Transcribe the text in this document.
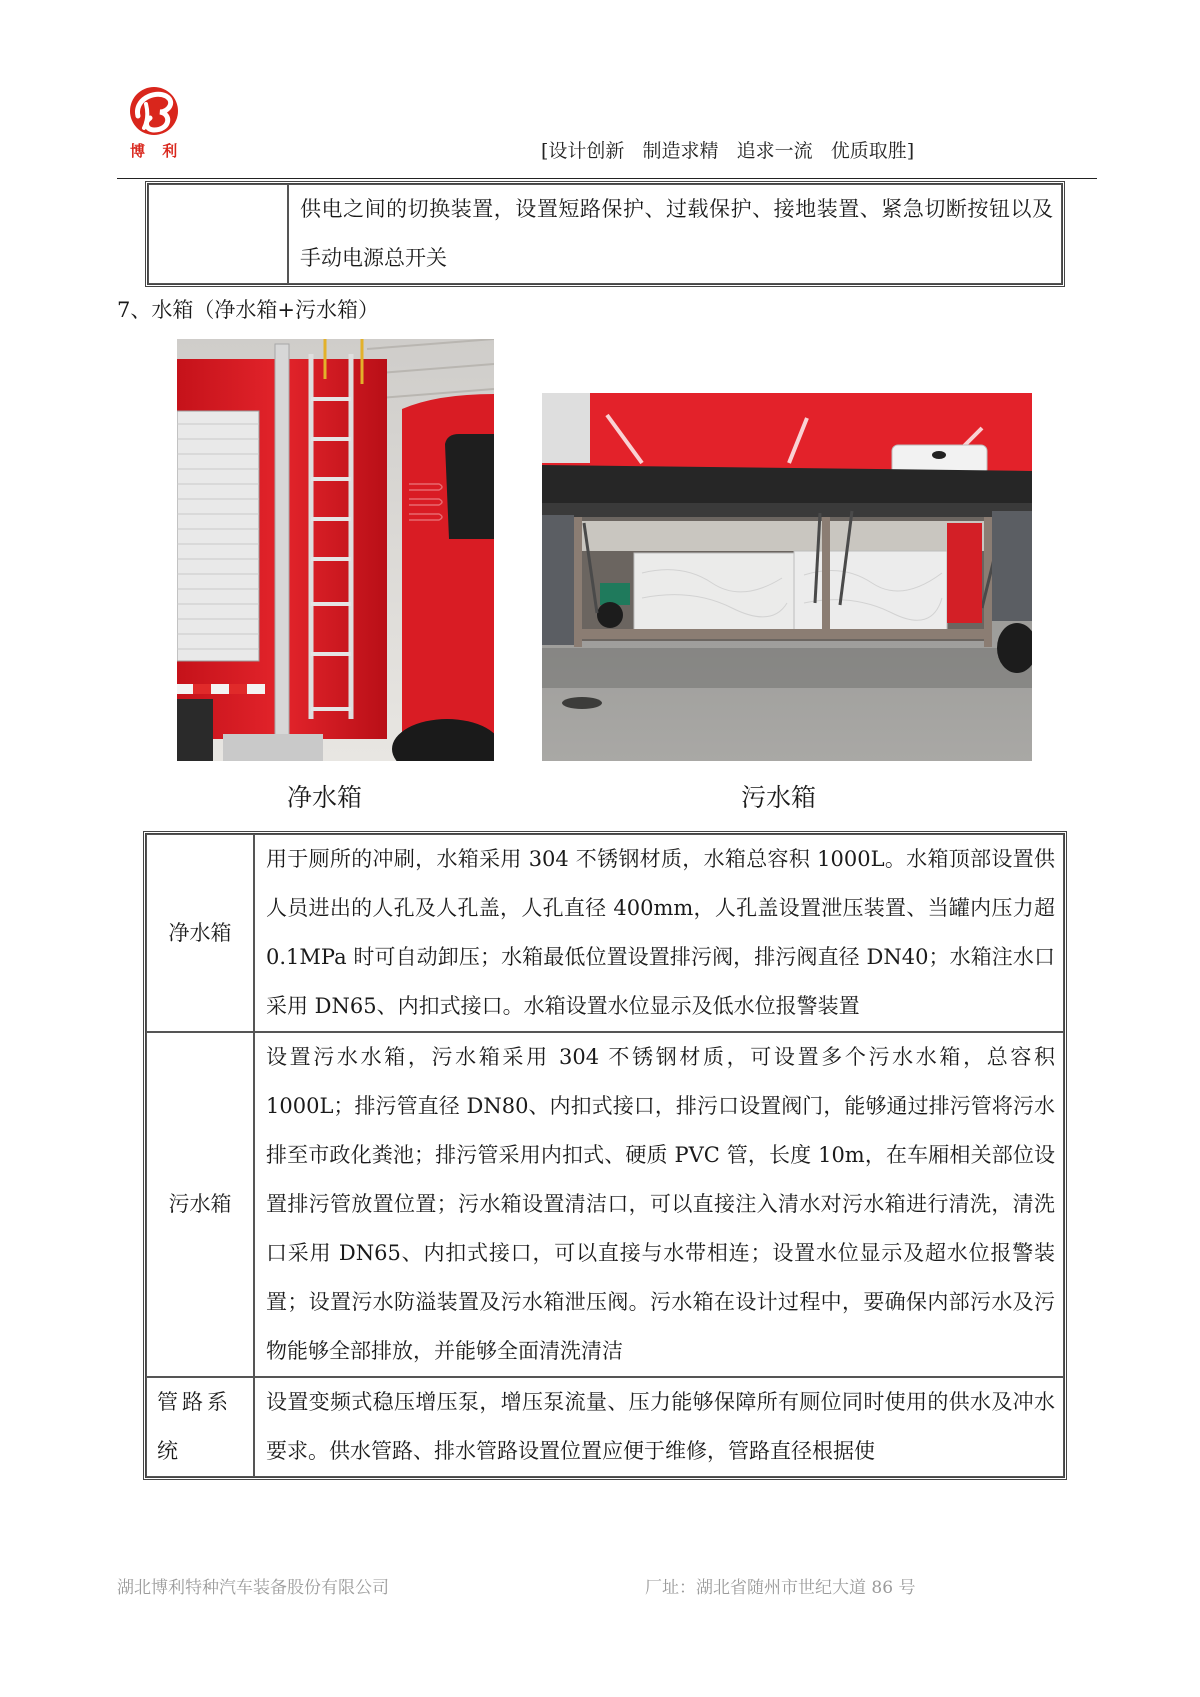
博 利	[设计创新   制造求精   追求一流   优质取胜]
	供电之间的切换装置，设置短路保护、过载保护、接地装置、紧急切断按钮以及手动电源总开关
7、水箱（净水箱+污水箱）
净水箱	污水箱
净水箱	用于厕所的冲刷，水箱采用 304 不锈钢材质，水箱总容积 1000L。水箱顶部设置供人员进出的人孔及人孔盖，人孔直径 400mm，人孔盖设置泄压装置、当罐内压力超 0.1MPa 时可自动卸压；水箱最低位置设置排污阀，排污阀直径 DN40；水箱注水口采用 DN65、内扣式接口。水箱设置水位显示及低水位报警装置
污水箱	设置污水水箱，污水箱采用 304 不锈钢材质，可设置多个污水水箱，总容积 1000L；排污管直径 DN80、内扣式接口，排污口设置阀门，能够通过排污管将污水排至市政化粪池；排污管采用内扣式、硬质 PVC 管，长度 10m，在车厢相关部位设置排污管放置位置；污水箱设置清洁口，可以直接注入清水对污水箱进行清洗，清洗口采用 DN65、内扣式接口，可以直接与水带相连；设置水位显示及超水位报警装置；设置污水防溢装置及污水箱泄压阀。污水箱在设计过程中，要确保内部污水及污物能够全部排放，并能够全面清洗清洁
管路系统	设置变频式稳压增压泵，增压泵流量、压力能够保障所有厕位同时使用的供水及冲水要求。供水管路、排水管路设置位置应便于维修，管路直径根据使
湖北博利特种汽车装备股份有限公司	厂址：湖北省随州市世纪大道 86 号
